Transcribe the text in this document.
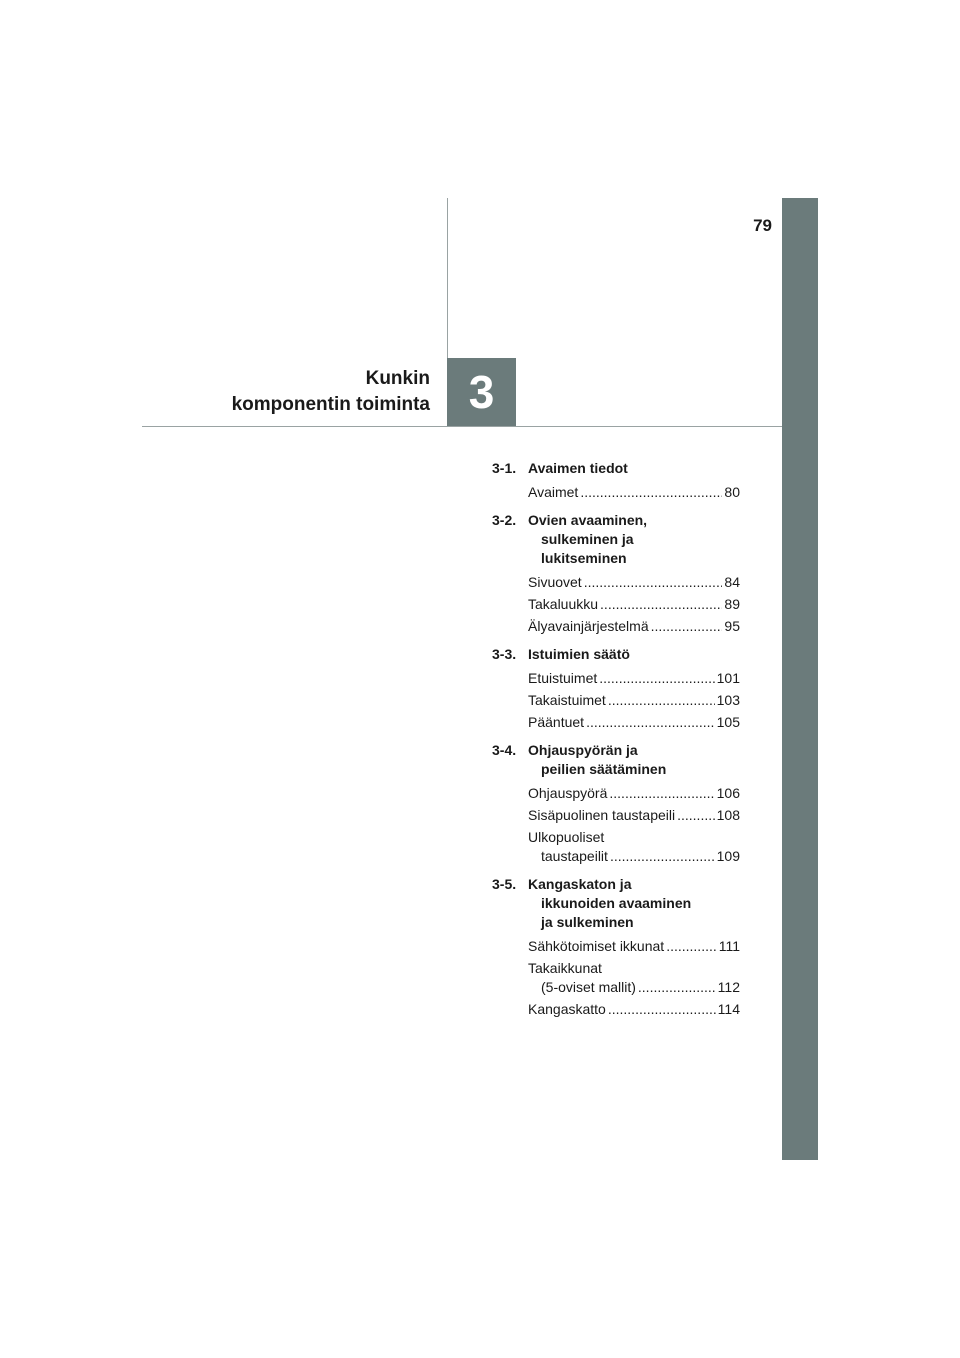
79
Kunkin
komponentin toiminta 3
3-1. Avaimen tiedot
Avaimet .....	80
3-2. Ovien avaaminen,
sulkeminen ja
lukitseminen
Sivuovet .....	84
Takaluukku .....	89
Älyavainjärjestelmä .....	95
3-3. Istuimien säätö
Etuistuimet .....	101
Takaistuimet .....	103
Pääntuet .....	105
3-4. Ohjauspyörän ja
peilien säätäminen
Ohjauspyörä .....	106
Sisäpuolinen taustapeili .....	108
Ulkopuoliset
taustapeilit .....	109
3-5. Kangaskaton ja
ikkunoiden avaaminen
ja sulkeminen
Sähkötoimiset ikkunat .....	111
Takaikkunat
(5-oviset mallit) .....	112
Kangaskatto .....	114
